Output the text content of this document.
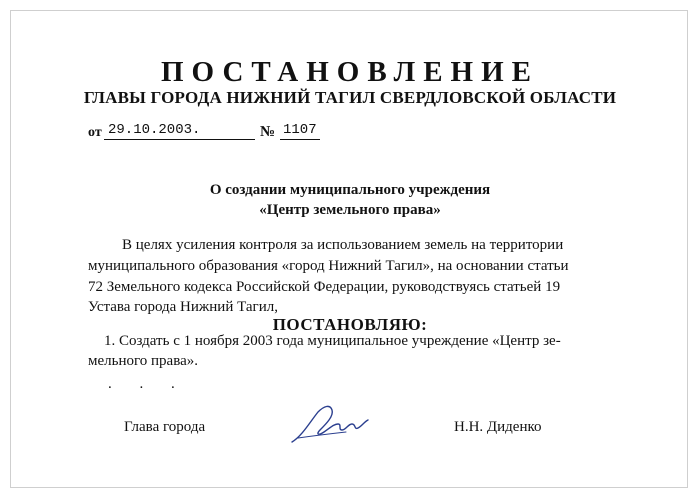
ПОСТАНОВЛЕНИЕ
ГЛАВЫ ГОРОДА НИЖНИЙ ТАГИЛ СВЕРДЛОВСКОЙ ОБЛАСТИ
от 29.10.2003.	№ 1107
О создании муниципального учреждения
«Центр земельного права»
В целях усиления контроля за использованием земель на территории
муниципального образования «город Нижний Тагил», на основании статьи
72 Земельного кодекса Российской Федерации, руководствуясь статьей 19
Устава города Нижний Тагил,
ПОСТАНОВЛЯЮ:
1. Создать с 1 ноября 2003 года муниципальное учреждение «Центр зе-
мельного права».
. . .
Глава города	Н.Н. Диденко
